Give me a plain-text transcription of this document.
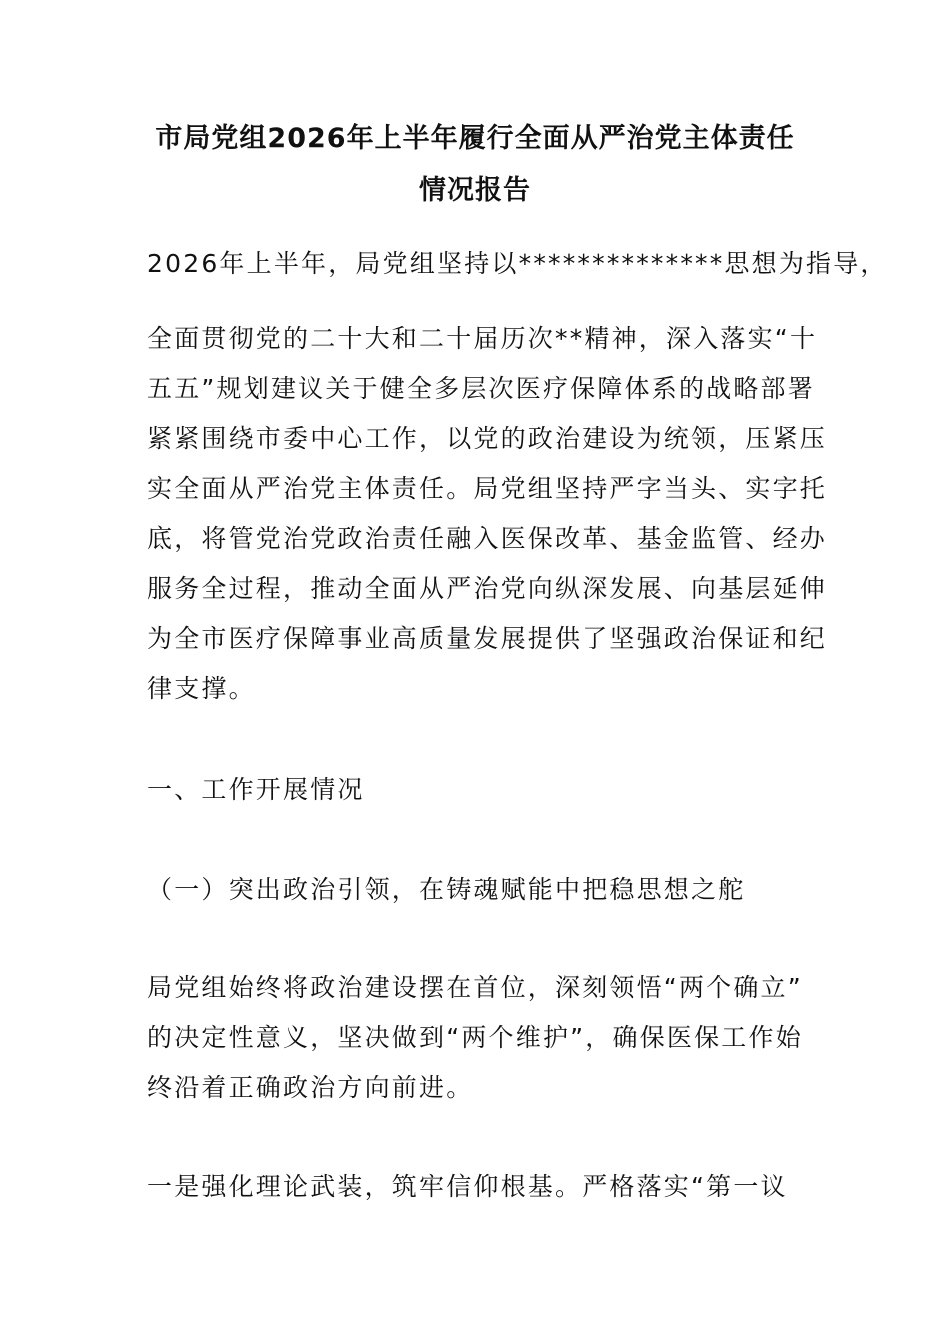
市局党组2026年上半年履行全面从严治党主体责任
情况报告
2026年上半年，局党组坚持以**************思想为指导，
全面贯彻党的二十大和二十届历次**精神，深入落实“十
五五”规划建议关于健全多层次医疗保障体系的战略部署
紧紧围绕市委中心工作，以党的政治建设为统领，压紧压
实全面从严治党主体责任。局党组坚持严字当头、实字托
底，将管党治党政治责任融入医保改革、基金监管、经办
服务全过程，推动全面从严治党向纵深发展、向基层延伸
为全市医疗保障事业高质量发展提供了坚强政治保证和纪
律支撑。
一、工作开展情况
（一）突出政治引领，在铸魂赋能中把稳思想之舵
局党组始终将政治建设摆在首位，深刻领悟“两个确立”
的决定性意义，坚决做到“两个维护”，确保医保工作始
终沿着正确政治方向前进。
一是强化理论武装，筑牢信仰根基。严格落实“第一议
